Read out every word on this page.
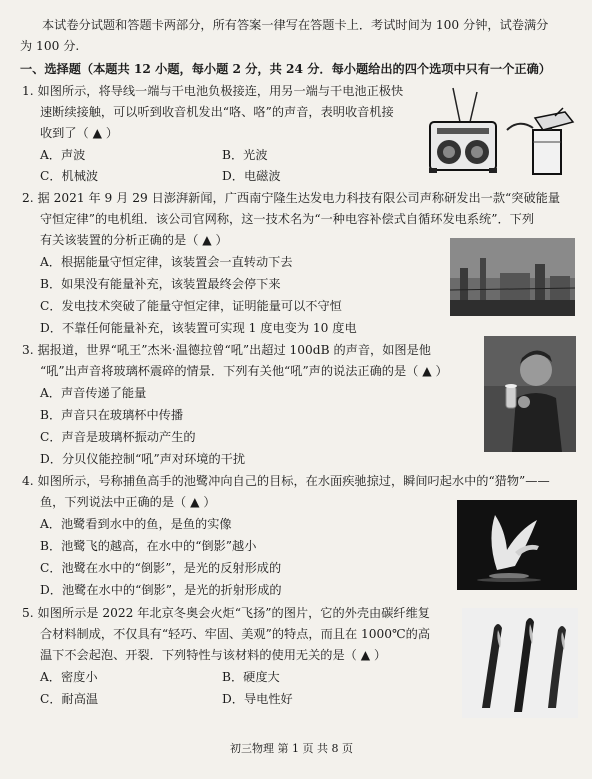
本试卷分试题和答题卡两部分，所有答案一律写在答题卡上．考试时间为 100 分钟，试卷满分
为 100 分.
一、选择题（本题共 12 小题，每小题 2 分，共 24 分．每小题给出的四个选项中只有一个正确）
1. 如图所示，将导线一端与干电池负极接连，用另一端与干电池正极快
速断续接触，可以听到收音机发出“咯、咯”的声音，表明收音机接
收到了（ ▲ ）
A．声波	B．光波
C．机械波	D．电磁波
2. 据 2021 年 9 月 29 日澎湃新闻，广西南宁隆生达发电力科技有限公司声称研发出一款“突破能量
守恒定律”的电机组．该公司官网称，这一技术名为“一种电容补偿式自循环发电系统”．下列
有关该装置的分析正确的是（ ▲ ）
A．根据能量守恒定律，该装置会一直转动下去
B．如果没有能量补充，该装置最终会停下来
C．发电技术突破了能量守恒定律，证明能量可以不守恒
D．不靠任何能量补充，该装置可实现 1 度电变为 10 度电
3. 据报道，世界“吼王”杰米·温德拉曾“吼”出超过 100dB 的声音，如图是他
“吼”出声音将玻璃杯震碎的情景．下列有关他“吼”声的说法正确的是（ ▲ ）
A．声音传递了能量
B．声音只在玻璃杯中传播
C．声音是玻璃杯振动产生的
D．分贝仪能控制“吼”声对环境的干扰
4. 如图所示，号称捕鱼高手的池鹭冲向自己的目标，在水面疾驰掠过，瞬间叼起水中的“猎物”——
鱼，下列说法中正确的是（ ▲ ）
A．池鹭看到水中的鱼，是鱼的实像
B．池鹭飞的越高，在水中的“倒影”越小
C．池鹭在水中的“倒影”，是光的反射形成的
D．池鹭在水中的“倒影”，是光的折射形成的
5. 如图所示是 2022 年北京冬奥会火炬“飞扬”的图片，它的外壳由碳纤维复
合材料制成，不仅具有“轻巧、牢固、美观”的特点，而且在 1000℃的高
温下不会起泡、开裂．下列特性与该材料的使用无关的是（ ▲ ）
A．密度小	B．硬度大
C．耐高温	D．导电性好
初三物理 第 1 页 共 8 页
